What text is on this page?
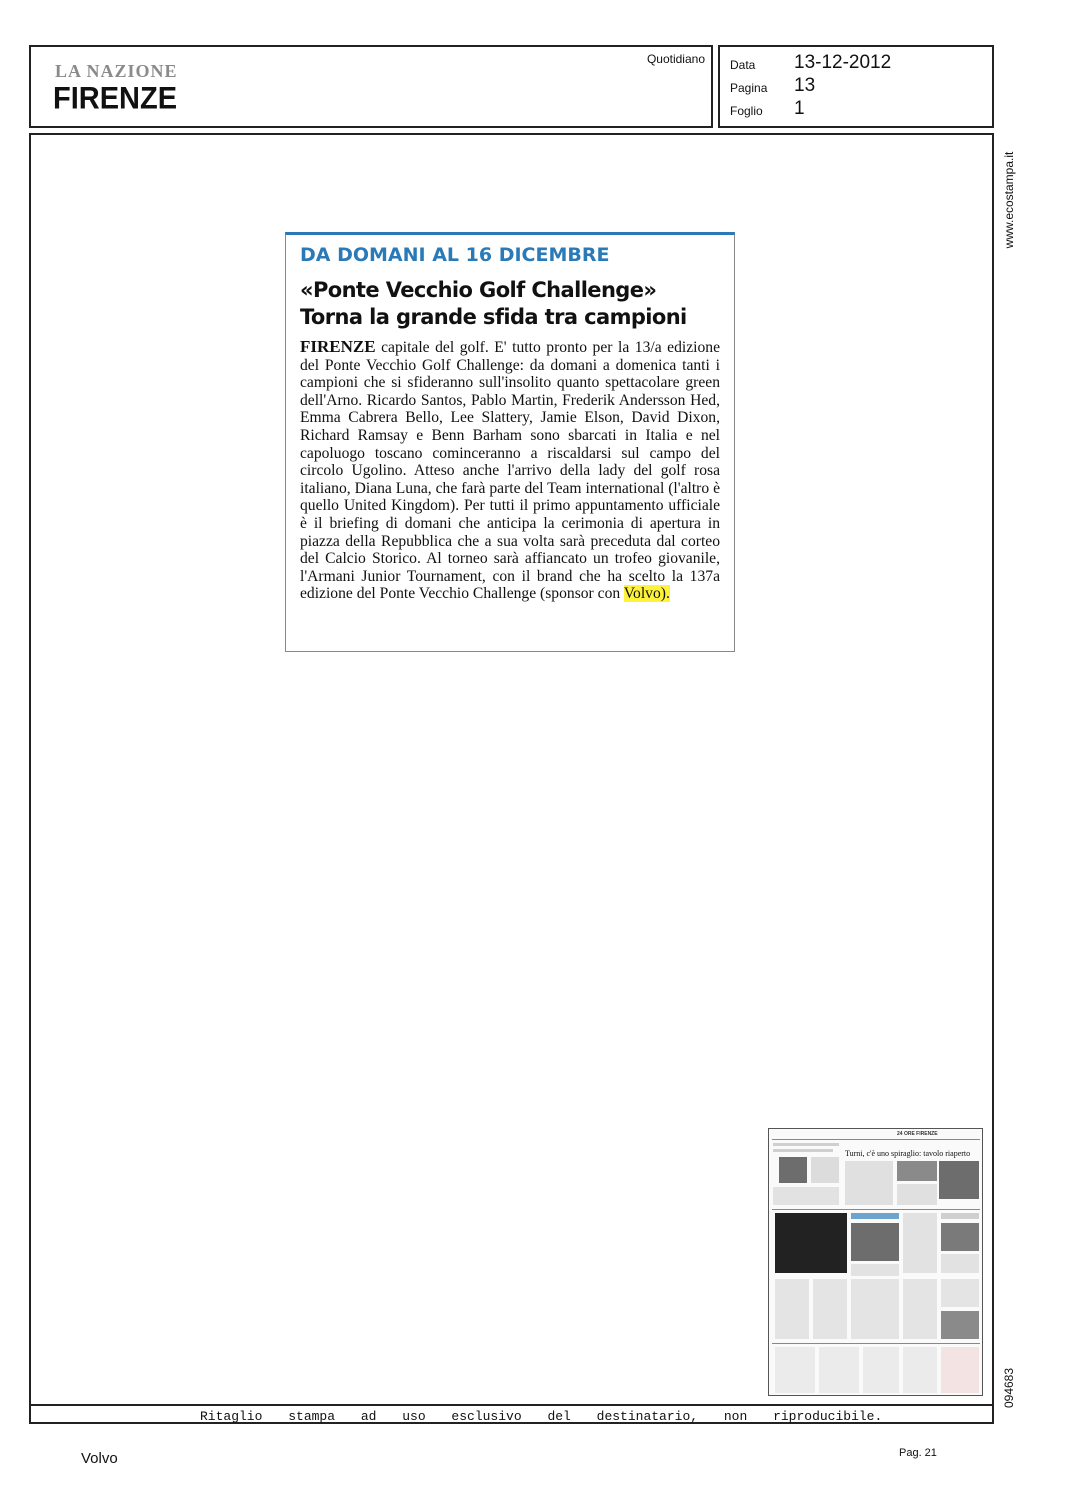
LA NAZIONE
FIRENZE
Quotidiano Data 13-12-2012
Pagina 13
Foglio 1
www.ecostampa.it
094683
DA DOMANI AL 16 DICEMBRE
«Ponte Vecchio Golf Challenge»
Torna la grande sfida tra campioni
FIRENZE capitale del golf. E' tutto pronto per la 13/a edizione del Ponte Vecchio Golf Challenge: da domani a domenica tanti i campioni che si sfideranno sull'insolito quanto spettacolare green dell'Arno. Ricardo Santos, Pablo Martin, Frederik Andersson Hed, Emma Cabrera Bello, Lee Slattery, Jamie Elson, David Dixon, Richard Ramsay e Benn Barham sono sbarcati in Italia e nel capoluogo toscano cominceranno a riscaldarsi sul campo del circolo Ugolino. Atteso anche l'arrivo della lady del golf rosa italiano, Diana Luna, che farà parte del Team international (l'altro è quello United Kingdom). Per tutti il primo appuntamento ufficiale è il briefing di domani che anticipa la cerimonia di apertura in piazza della Repubblica che a sua volta sarà preceduta dal corteo del Calcio Storico. Al torneo sarà affiancato un trofeo giovanile, l'Armani Junior Tournament, con il brand che ha scelto la 137a edizione del Ponte Vecchio Challenge (sponsor con Volvo).
24 ORE FIRENZE
Turni, c'è uno spiraglio: tavolo riaperto
Ritaglio stampa ad uso esclusivo del destinatario, non riproducibile.
Volvo	Pag. 21
